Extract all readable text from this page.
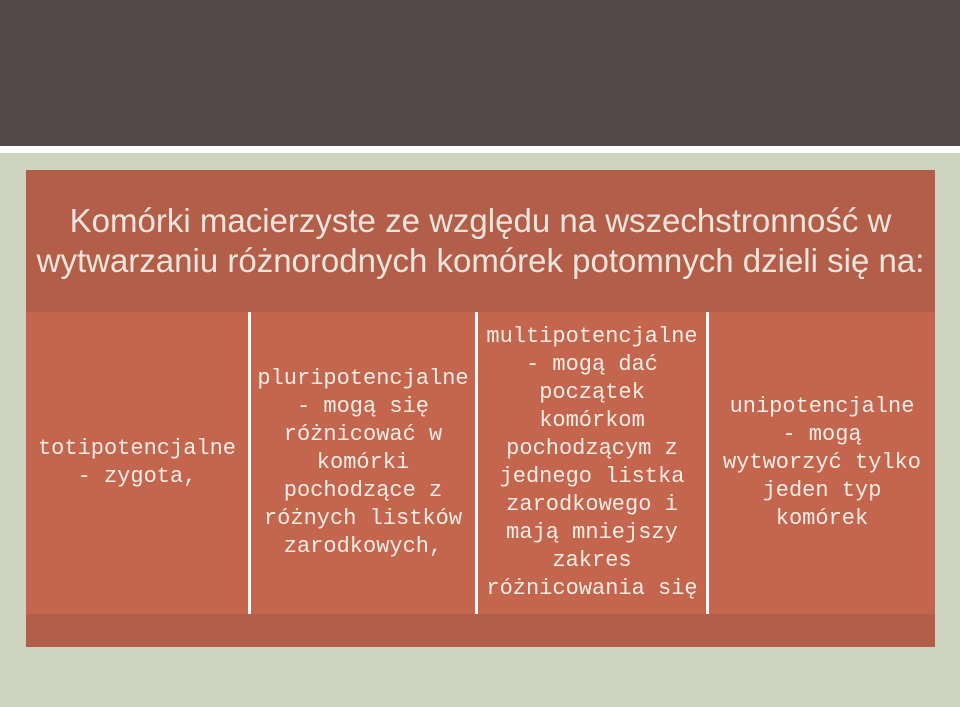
Komórki macierzyste ze względu na wszechstronność w wytwarzaniu różnorodnych komórek potomnych dzieli się na:
totipotencjalne - zygota,
pluripotencjalne - mogą się różnicować w komórki pochodzące z różnych listków zarodkowych,
multipotencjalne - mogą dać początek komórkom pochodzącym z jednego listka zarodkowego i mają mniejszy zakres różnicowania się
unipotencjalne - mogą wytworzyć tylko jeden typ komórek
